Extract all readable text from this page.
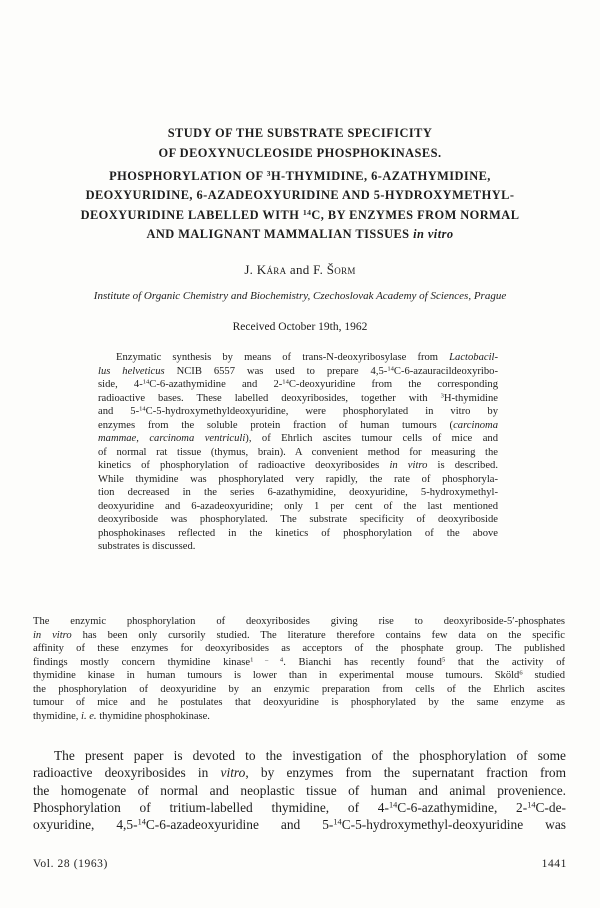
STUDY OF THE SUBSTRATE SPECIFICITY
OF DEOXYNUCLEOSIDE PHOSPHOKINASES.
PHOSPHORYLATION OF $^3$H-THYMIDINE, 6-AZATHYMIDINE,
DEOXYURIDINE, 6-AZADEOXYURIDINE AND 5-HYDROXYMETHYL-
DEOXYURIDINE LABELLED WITH $^{14}$C, BY ENZYMES FROM NORMAL
AND MALIGNANT MAMMALIAN TISSUES in vitro
J. Kára and F. Šorm
Institute of Organic Chemistry and Biochemistry, Czechoslovak Academy of Sciences, Prague
Received October 19th, 1962
Enzymatic synthesis by means of trans-N-deoxyribosylase from Lactobacil-
lus helveticus NCIB 6557 was used to prepare 4,5-$^{14}$C-6-azauracildeoxyribo-
side, 4-$^{14}$C-6-azathymidine and 2-$^{14}$C-deoxyuridine from the corresponding
radioactive bases. These labelled deoxyribosides, together with $^3$H-thymidine
and 5-$^{14}$C-5-hydroxymethyldeoxyuridine, were phosphorylated in vitro by
enzymes from the soluble protein fraction of human tumours (carcinoma
mammae, carcinoma ventriculi), of Ehrlich ascites tumour cells of mice and
of normal rat tissue (thymus, brain). A convenient method for measuring the
kinetics of phosphorylation of radioactive deoxyribosides in vitro is described.
While thymidine was phosphorylated very rapidly, the rate of phosphoryla-
tion decreased in the series 6-azathymidine, deoxyuridine, 5-hydroxymethyl-
deoxyuridine and 6-azadeoxyuridine; only 1 per cent of the last mentioned
deoxyriboside was phosphorylated. The substrate specificity of deoxyriboside
phosphokinases reflected in the kinetics of phosphorylation of the above
substrates is discussed.
The enzymic phosphorylation of deoxyribosides giving rise to deoxyriboside-5′-phosphates
in vitro has been only cursorily studied. The literature therefore contains few data on the specific
affinity of these enzymes for deoxyribosides as acceptors of the phosphate group. The published
findings mostly concern thymidine kinase$^{1 - 4}$. Bianchi has recently found$^5$ that the activity of
thymidine kinase in human tumours is lower than in experimental mouse tumours. Sköld$^6$ studied
the phosphorylation of deoxyuridine by an enzymic preparation from cells of the Ehrlich ascites
tumour of mice and he postulates that deoxyuridine is phosphorylated by the same enzyme as
thymidine, i. e. thymidine phosphokinase.
The present paper is devoted to the investigation of the phosphorylation of some
radioactive deoxyribosides in vitro, by enzymes from the supernatant fraction from
the homogenate of normal and neoplastic tissue of human and animal provenience.
Phosphorylation of tritium-labelled thymidine, of 4-$^{14}$C-6-azathymidine, 2-$^{14}$C-de-
oxyuridine, 4,5-$^{14}$C-6-azadeoxyuridine and 5-$^{14}$C-5-hydroxymethyl-deoxyuridine was
Vol. 28 (1963)	1441
